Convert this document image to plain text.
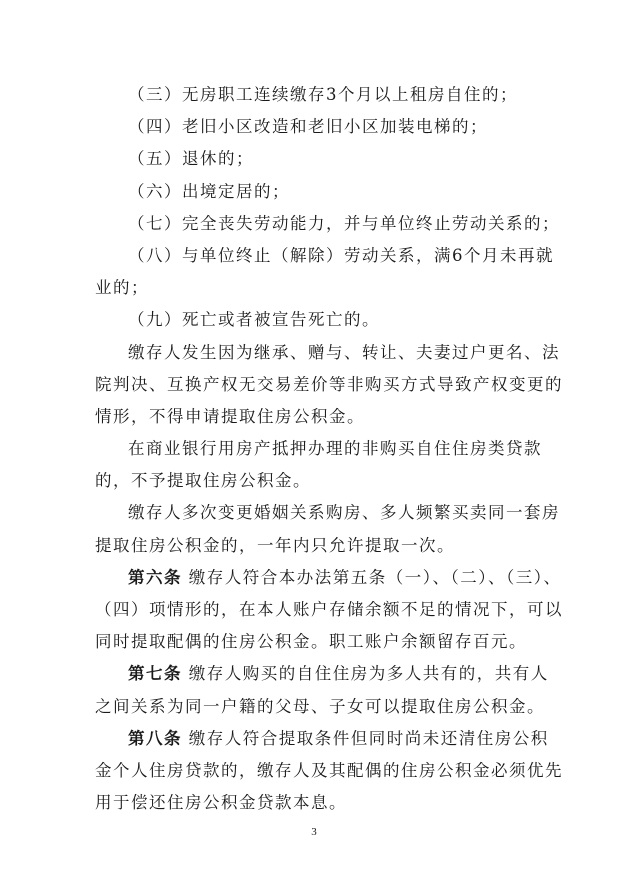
（三）无房职工连续缴存3个月以上租房自住的；
（四）老旧小区改造和老旧小区加装电梯的；
（五）退休的；
（六）出境定居的；
（七）完全丧失劳动能力，并与单位终止劳动关系的；
（八）与单位终止（解除）劳动关系，满6个月未再就
业的；
（九）死亡或者被宣告死亡的。
缴存人发生因为继承、赠与、转让、夫妻过户更名、法
院判决、互换产权无交易差价等非购买方式导致产权变更的
情形，不得申请提取住房公积金。
在商业银行用房产抵押办理的非购买自住住房类贷款
的，不予提取住房公积金。
缴存人多次变更婚姻关系购房、多人频繁买卖同一套房
提取住房公积金的，一年内只允许提取一次。
第六条 缴存人符合本办法第五条（一）、（二）、（三）、
（四）项情形的，在本人账户存储余额不足的情况下，可以
同时提取配偶的住房公积金。职工账户余额留存百元。
第七条 缴存人购买的自住住房为多人共有的，共有人
之间关系为同一户籍的父母、子女可以提取住房公积金。
第八条 缴存人符合提取条件但同时尚未还清住房公积
金个人住房贷款的，缴存人及其配偶的住房公积金必须优先
用于偿还住房公积金贷款本息。
3
